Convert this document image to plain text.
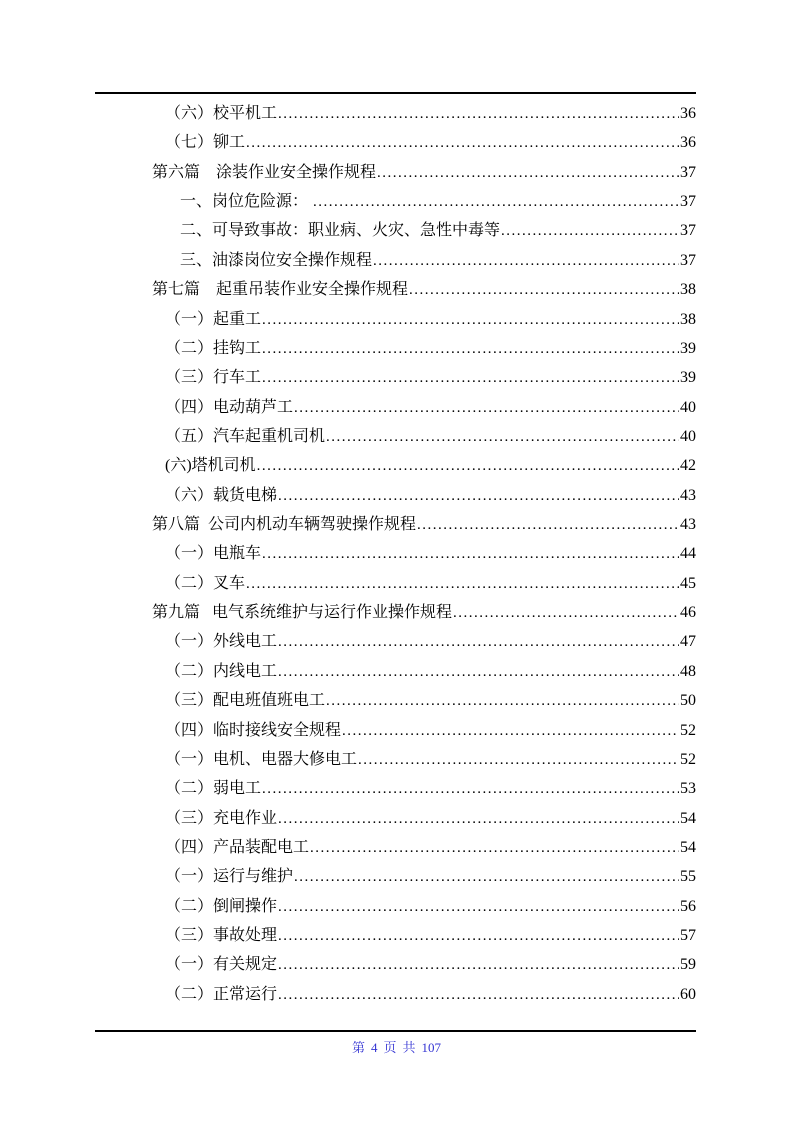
（六）校平机工 .....	36
（七）铆工 .....	36
第六篇    涂装作业安全操作规程 .....	37
一、岗位危险源： .....	37
二、可导致事故：职业病、火灾、急性中毒等 .....	37
三、油漆岗位安全操作规程 .....	37
第七篇    起重吊装作业安全操作规程 .....	38
（一）起重工 .....	38
（二）挂钩工 .....	39
（三）行车工 .....	39
（四）电动葫芦工 .....	40
（五）汽车起重机司机 .....	40
(六)塔机司机 .....	42
（六）载货电梯 .....	43
第八篇  公司内机动车辆驾驶操作规程 .....	43
（一）电瓶车 .....	44
（二）叉车 .....	45
第九篇   电气系统维护与运行作业操作规程 .....	46
（一）外线电工 .....	47
（二）内线电工 .....	48
（三）配电班值班电工 .....	50
（四）临时接线安全规程 .....	52
（一）电机、电器大修电工 .....	52
（二）弱电工 .....	53
（三）充电作业 .....	54
（四）产品装配电工 .....	54
（一）运行与维护 .....	55
（二）倒闸操作 .....	56
（三）事故处理 .....	57
（一）有关规定 .....	59
（二）正常运行 .....	60
第 4 页 共 107
